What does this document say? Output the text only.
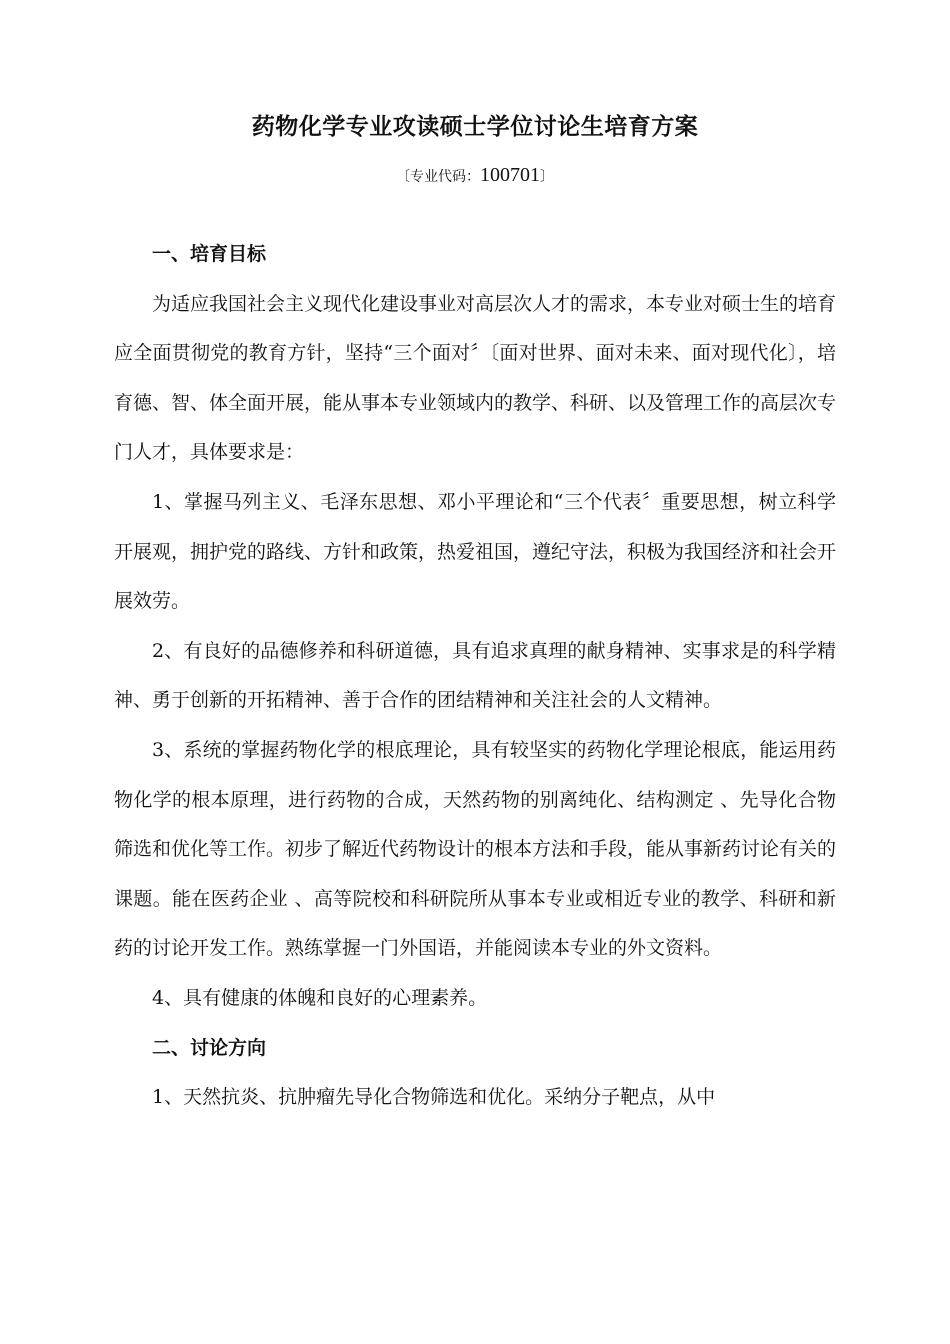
药物化学专业攻读硕士学位讨论生培育方案
〔专业代码：100701〕
一、培育目标

为适应我国社会主义现代化建设事业对高层次人才的需求，本专业对硕士生的培育应全面贯彻党的教育方针，坚持“三个面对〞〔面对世界、面对未来、面对现代化〕，培育德、智、体全面开展，能从事本专业领域内的教学、科研、以及管理工作的高层次专门人才，具体要求是：

1、掌握马列主义、毛泽东思想、邓小平理论和“三个代表〞重要思想，树立科学开展观，拥护党的路线、方针和政策，热爱祖国，遵纪守法，积极为我国经济和社会开展效劳。

2、有良好的品德修养和科研道德，具有追求真理的献身精神、实事求是的科学精神、勇于创新的开拓精神、善于合作的团结精神和关注社会的人文精神。

3、系统的掌握药物化学的根底理论，具有较坚实的药物化学理论根底，能运用药物化学的根本原理，进行药物的合成，天然药物的别离纯化、结构测定 、先导化合物筛选和优化等工作。初步了解近代药物设计的根本方法和手段，能从事新药讨论有关的课题。能在医药企业 、高等院校和科研院所从事本专业或相近专业的教学、科研和新药的讨论开发工作。熟练掌握一门外国语，并能阅读本专业的外文资料。

4、具有健康的体魄和良好的心理素养。

二、讨论方向

1、天然抗炎、抗肿瘤先导化合物筛选和优化。采纳分子靶点，从中
